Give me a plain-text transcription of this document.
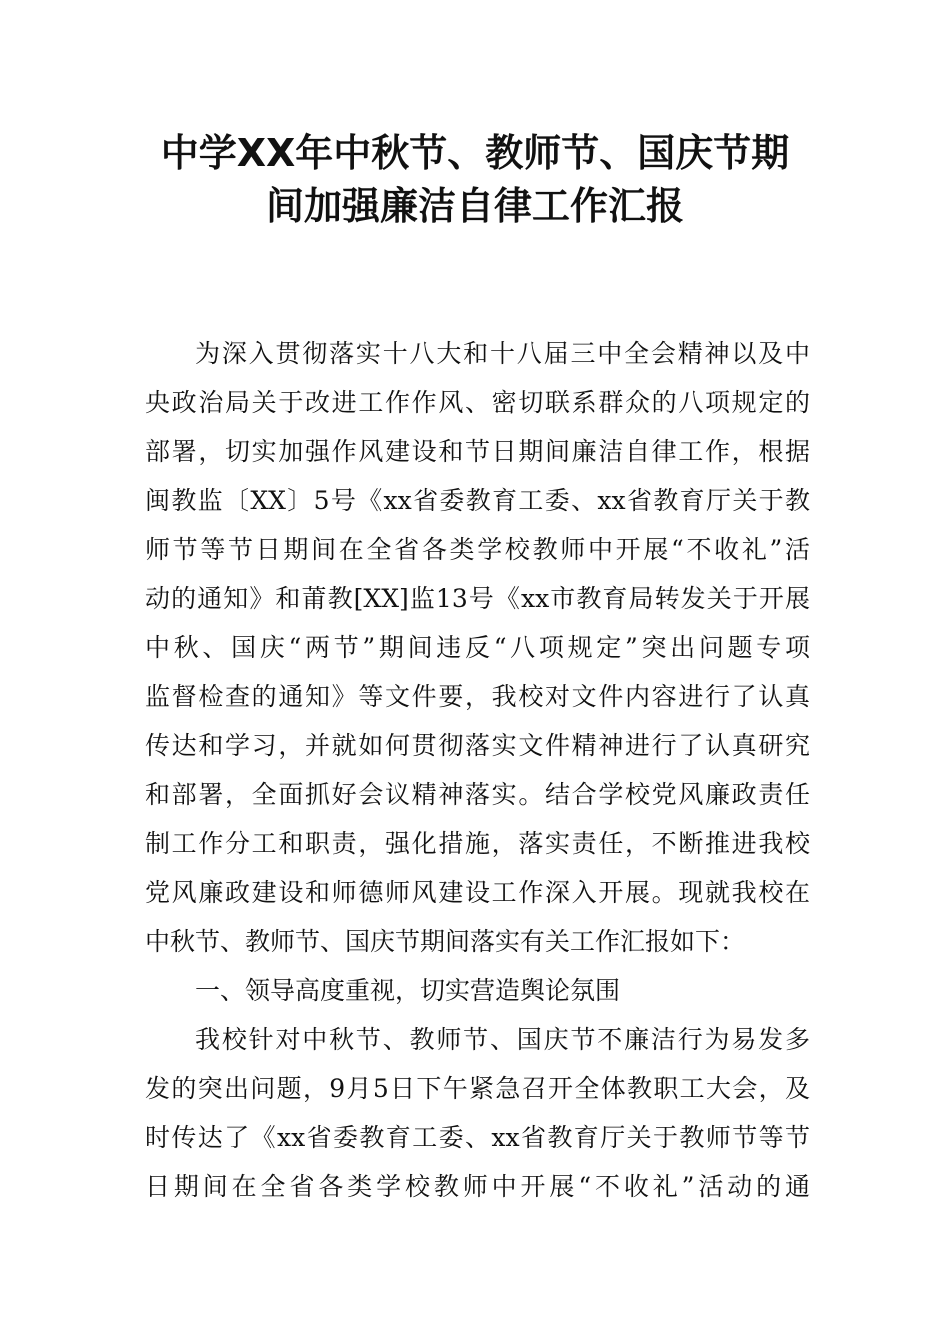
中学XX年中秋节、教师节、国庆节期
间加强廉洁自律工作汇报
为深入贯彻落实十八大和十八届三中全会精神以及中
央政治局关于改进工作作风、密切联系群众的八项规定的
部署，切实加强作风建设和节日期间廉洁自律工作，根据
闽教监〔XX〕5号《xx省委教育工委、xx省教育厅关于教
师节等节日期间在全省各类学校教师中开展“不收礼”活
动的通知》和莆教[XX]监13号《xx市教育局转发关于开展
中秋、国庆“两节”期间违反“八项规定”突出问题专项
监督检查的通知》等文件要，我校对文件内容进行了认真
传达和学习，并就如何贯彻落实文件精神进行了认真研究
和部署，全面抓好会议精神落实。结合学校党风廉政责任
制工作分工和职责，强化措施，落实责任，不断推进我校
党风廉政建设和师德师风建设工作深入开展。现就我校在
中秋节、教师节、国庆节期间落实有关工作汇报如下：
一、领导高度重视，切实营造舆论氛围
我校针对中秋节、教师节、国庆节不廉洁行为易发多
发的突出问题，9月5日下午紧急召开全体教职工大会，及
时传达了《xx省委教育工委、xx省教育厅关于教师节等节
日期间在全省各类学校教师中开展“不收礼”活动的通
